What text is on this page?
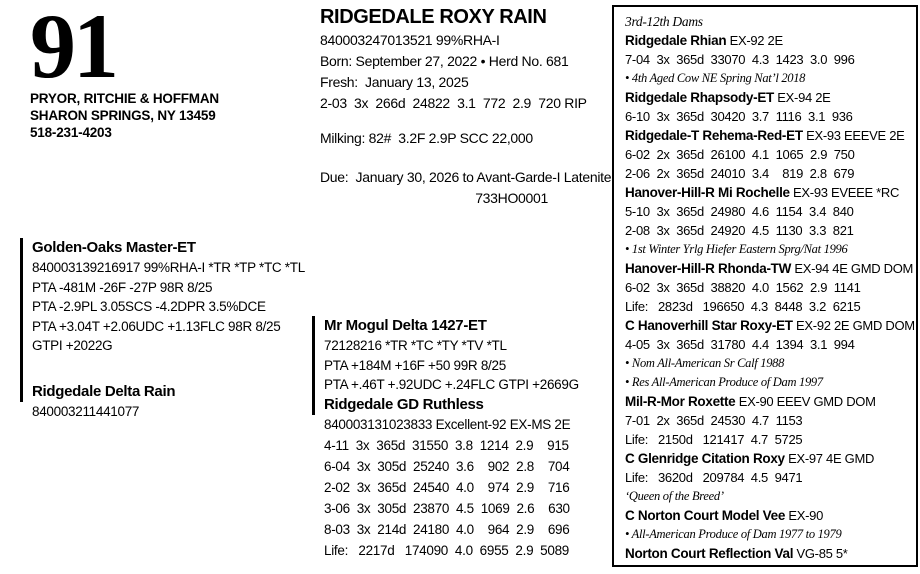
91
PRYOR, RITCHIE & HOFFMAN
SHARON SPRINGS, NY 13459
518-231-4203
RIDGEDALE ROXY RAIN
840003247013521 99%RHA-I
Born: September 27, 2022 • Herd No. 681
Fresh:  January 13, 2025
2-03  3x  266d  24822  3.1  772  2.9  720 RIP
Milking: 82#  3.2F 2.9P SCC 22,000
Due:  January 30, 2026 to Avant-Garde-I Latenite
733HO0001
Golden-Oaks Master-ET
840003139216917 99%RHA-I *TR *TP *TC *TL
PTA -481M -26F -27P 98R 8/25
PTA -2.9PL 3.05SCS -4.2DPR 3.5%DCE
PTA +3.04T +2.06UDC +1.13FLC 98R 8/25
GTPI +2022G
Ridgedale Delta Rain
840003211441077
Mr Mogul Delta 1427-ET
72128216 *TR *TC *TY *TV *TL
PTA +184M +16F +50 99R 8/25
PTA +.46T +.92UDC +.24FLC GTPI +2669G
Ridgedale GD Ruthless
840003131023833 Excellent-92 EX-MS 2E
4-11  3x  365d  31550  3.8  1214  2.9    915
6-04  3x  305d  25240  3.6    902  2.8    704
2-02  3x  365d  24540  4.0    974  2.9    716
3-06  3x  305d  23870  4.5  1069  2.6    630
8-03  3x  214d  24180  4.0    964  2.9    696
Life:   2217d   174090  4.0  6955  2.9  5089
3rd-12th Dams
Ridgedale Rhian EX-92 2E
7-04  3x  365d  33070  4.3  1423  3.0  996
• 4th Aged Cow NE Spring Nat’l 2018
Ridgedale Rhapsody-ET EX-94 2E
6-10  3x  365d  30420  3.7  1116  3.1  936
Ridgedale-T Rehema-Red-ET EX-93 EEEVE 2E
6-02  2x  365d  26100  4.1  1065  2.9  750
2-06  2x  365d  24010  3.4    819  2.8  679
Hanover-Hill-R Mi Rochelle EX-93 EVEEE *RC
5-10  3x  365d  24980  4.6  1154  3.4  840
2-08  3x  365d  24920  4.5  1130  3.3  821
• 1st Winter Yrlg Hiefer Eastern Sprg/Nat 1996
Hanover-Hill-R Rhonda-TW EX-94 4E GMD DOM
6-02  3x  365d  38820  4.0  1562  2.9  1141
Life:   2823d   196650  4.3  8448  3.2  6215
C Hanoverhill Star Roxy-ET EX-92 2E GMD DOM
4-05  3x  365d  31780  4.4  1394  3.1  994
• Nom All-American Sr Calf 1988
• Res All-American Produce of Dam 1997
Mil-R-Mor Roxette EX-90 EEEV GMD DOM
7-01  2x  365d  24530  4.7  1153
Life:   2150d   121417  4.7  5725
C Glenridge Citation Roxy EX-97 4E GMD
Life:   3620d   209784  4.5  9471
‘Queen of the Breed’
C Norton Court Model Vee EX-90
• All-American Produce of Dam 1977 to 1979
Norton Court Reflection Val VG-85 5*
